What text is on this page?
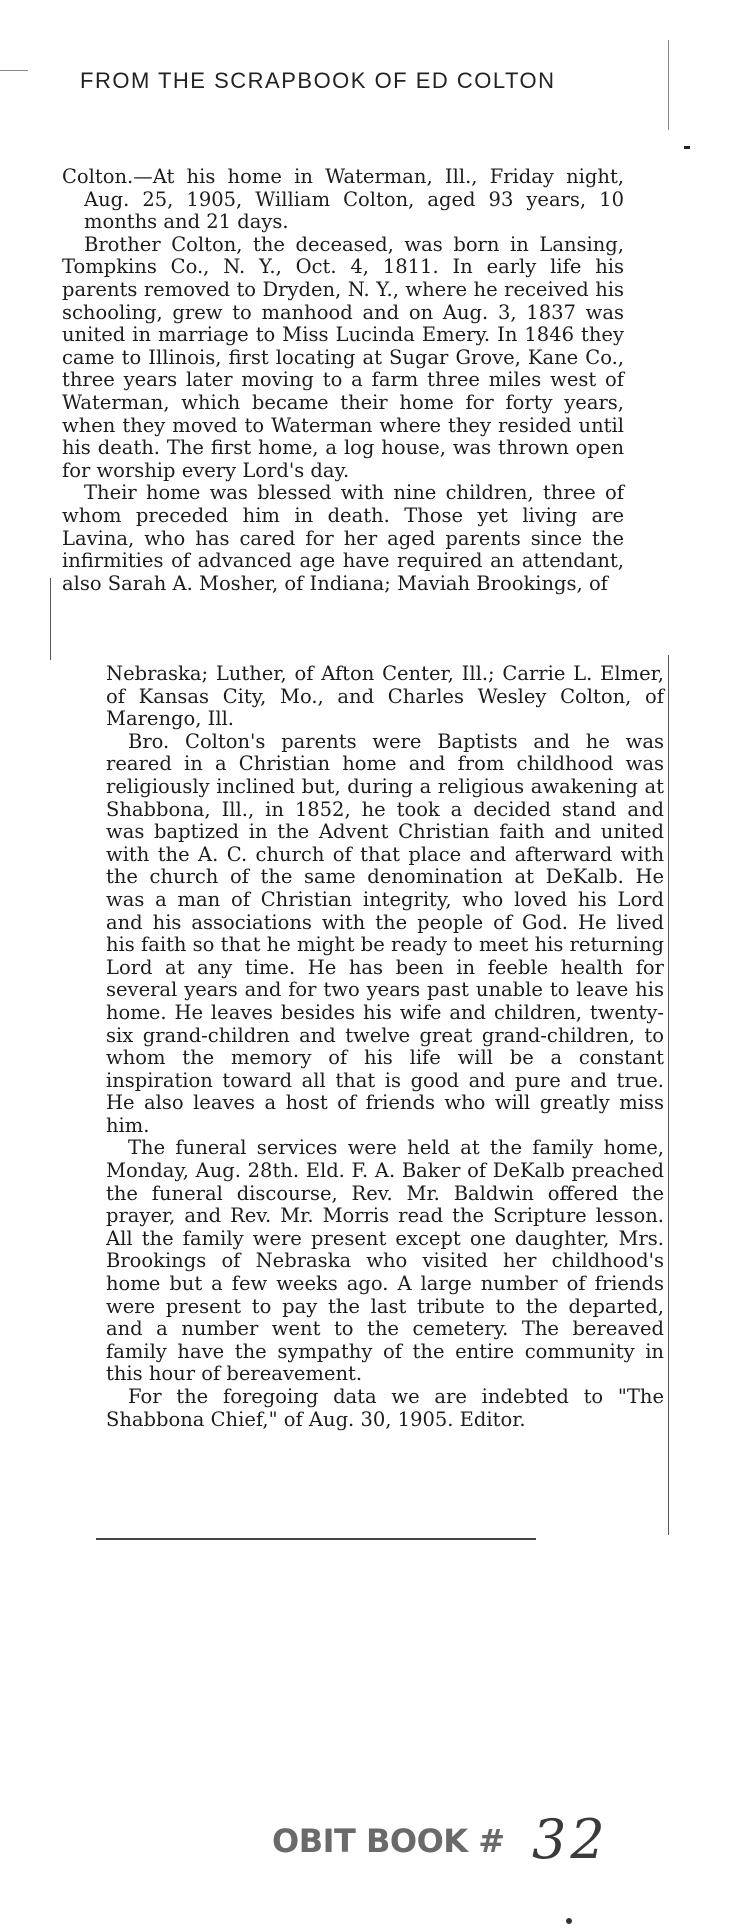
FROM THE SCRAPBOOK OF ED COLTON

Colton.—At his home in Waterman, Ill., Friday night, Aug. 25, 1905, William Colton, aged 93 years, 10 months and 21 days.

Brother Colton, the deceased, was born in Lansing, Tompkins Co., N. Y., Oct. 4, 1811. In early life his parents removed to Dryden, N. Y., where he received his schooling, grew to manhood and on Aug. 3, 1837 was united in marriage to Miss Lucinda Emery. In 1846 they came to Illinois, first locating at Sugar Grove, Kane Co., three years later moving to a farm three miles west of Waterman, which became their home for forty years, when they moved to Waterman where they resided until his death. The first home, a log house, was thrown open for worship every Lord's day.

Their home was blessed with nine children, three of whom preceded him in death. Those yet living are Lavina, who has cared for her aged parents since the infirmities of advanced age have required an attendant, also Sarah A. Mosher, of Indiana; Maviah Brookings, of

Nebraska; Luther, of Afton Center, Ill.; Carrie L. Elmer, of Kansas City, Mo., and Charles Wesley Colton, of Marengo, Ill.

Bro. Colton's parents were Baptists and he was reared in a Christian home and from childhood was religiously inclined but, during a religious awakening at Shabbona, Ill., in 1852, he took a decided stand and was baptized in the Advent Christian faith and united with the A. C. church of that place and afterward with the church of the same denomination at DeKalb. He was a man of Christian integrity, who loved his Lord and his associations with the people of God. He lived his faith so that he might be ready to meet his returning Lord at any time. He has been in feeble health for several years and for two years past unable to leave his home. He leaves besides his wife and children, twenty-six grand-children and twelve great grand-children, to whom the memory of his life will be a constant inspiration toward all that is good and pure and true. He also leaves a host of friends who will greatly miss him.

The funeral services were held at the family home, Monday, Aug. 28th. Eld. F. A. Baker of DeKalb preached the funeral discourse, Rev. Mr. Baldwin offered the prayer, and Rev. Mr. Morris read the Scripture lesson. All the family were present except one daughter, Mrs. Brookings of Nebraska who visited her childhood's home but a few weeks ago. A large number of friends were present to pay the last tribute to the departed, and a number went to the cemetery. The bereaved family have the sympathy of the entire community in this hour of bereavement.

For the foregoing data we are indebted to "The Shabbona Chief," of Aug. 30, 1905. Editor.

OBIT BOOK # 32
